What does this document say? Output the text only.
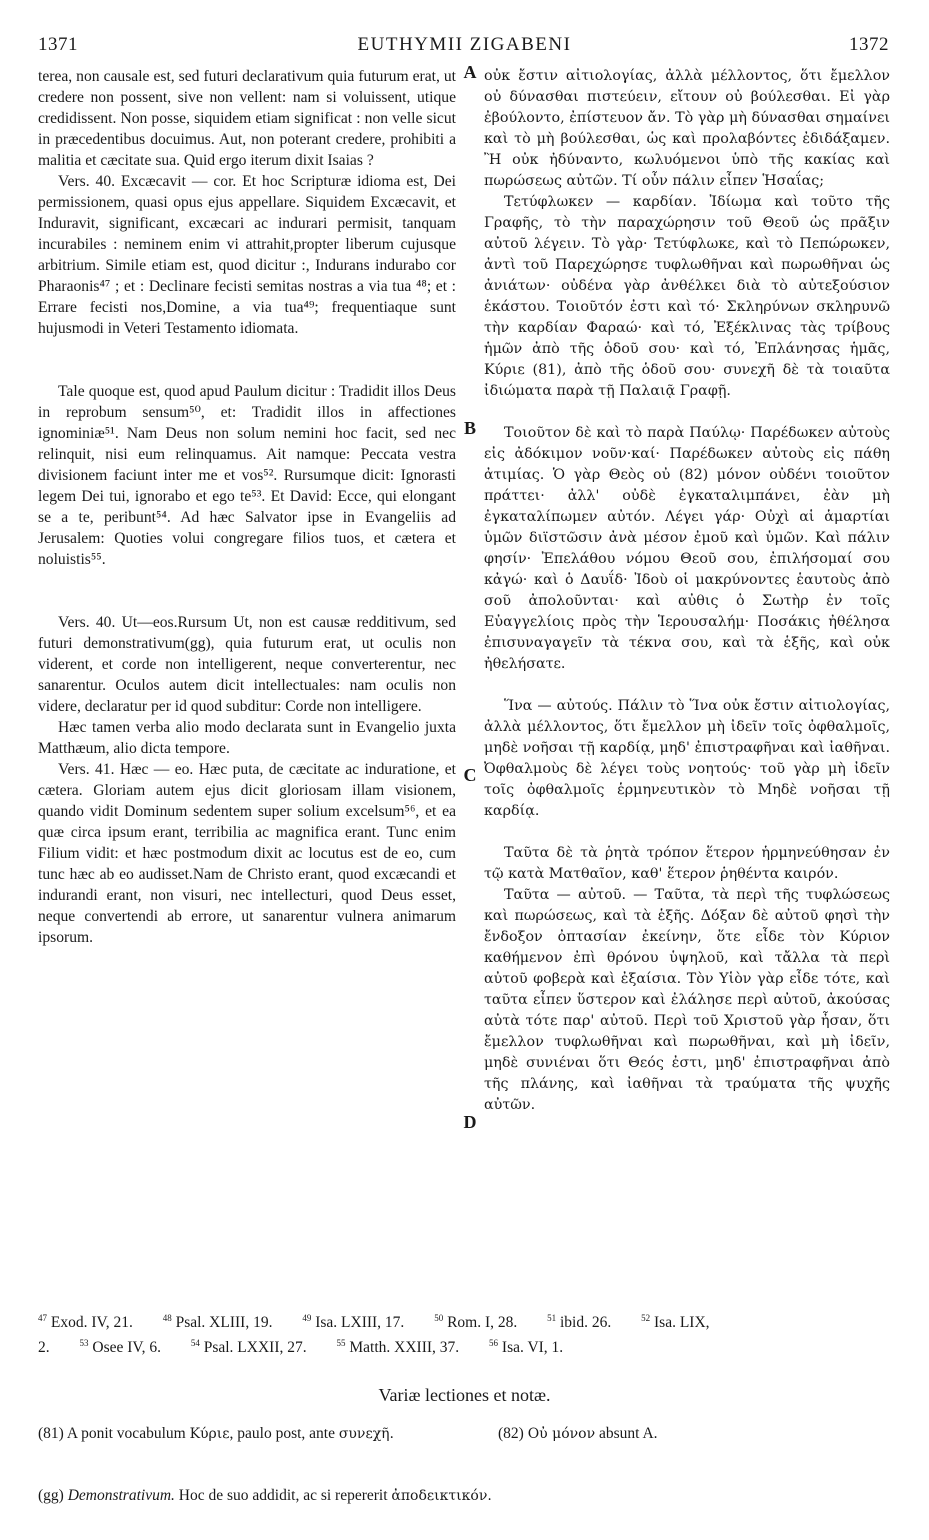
1371	EUTHYMII ZIGABENI	1372
A
B
C
D

terea, non causale est, sed futuri declarativum quia futurum erat, ut credere non possent, sive non vellent: nam si voluissent, utique credidissent. Non posse, siquidem etiam significat : non velle sicut in præcedentibus docuimus. Aut, non poterant credere, prohibiti a malitia et cæcitate sua. Quid ergo iterum dixit Isaias ?

Vers. 40. Excæcavit — cor. Et hoc Scripturæ idioma est, Dei permissionem, quasi opus ejus appellare. Siquidem Excæcavit, et Induravit, significant, excæcari ac indurari permisit, tanquam incurabiles : neminem enim vi attrahit,propter liberum cujusque arbitrium. Simile etiam est, quod dicitur :, Indurans indurabo cor Pharaonis⁴⁷ ; et : Declinare fecisti semitas nostras a via tua ⁴⁸; et : Errare fecisti nos,Domine, a via tua⁴⁹; frequentiaque sunt hujusmodi in Veteri Testamento idiomata.

Tale quoque est, quod apud Paulum dicitur : Tradidit illos Deus in reprobum sensum⁵⁰, et: Tradidit illos in affectiones ignominiæ⁵¹. Nam Deus non solum nemini hoc facit, sed nec relinquit, nisi eum relinquamus. Ait namque: Peccata vestra divisionem faciunt inter me et vos⁵². Rursumque dicit: Ignorasti legem Dei tui, ignorabo et ego te⁵³. Et David: Ecce, qui elongant se a te, peribunt⁵⁴. Ad hæc Salvator ipse in Evangeliis ad Jerusalem: Quoties volui congregare filios tuos, et cætera et noluistis⁵⁵.

Vers. 40. Ut—eos.Rursum Ut, non est causæ redditivum, sed futuri demonstrativum(gg), quia futurum erat, ut oculis non viderent, et corde non intelligerent, neque converterentur, nec sanarentur. Oculos autem dicit intellectuales: nam oculis non videre, declaratur per id quod subditur: Corde non intelligere.

Hæc tamen verba alio modo declarata sunt in Evangelio juxta Matthæum, alio dicta tempore.

Vers. 41. Hæc — eo. Hæc puta, de cæcitate ac induratione, et cætera. Gloriam autem ejus dicit gloriosam illam visionem, quando vidit Dominum sedentem super solium excelsum⁵⁶, et ea quæ circa ipsum erant, terribilia ac magnifica erant. Tunc enim Filium vidit: et hæc postmodum dixit ac locutus est de eo, cum tunc hæc ab eo audisset.Nam de Christo erant, quod excæcandi et indurandi erant, non visuri, nec intellecturi, quod Deus esset, neque convertendi ab errore, ut sanarentur vulnera animarum ipsorum.

οὐκ ἔστιν αἰτιολογίας, ἀλλὰ μέλλοντος, ὅτι ἔμελλον οὐ δύνασθαι πιστεύειν, εἴτουν οὐ βούλεσθαι. Εἰ γὰρ ἐβούλοντο, ἐπίστευον ἄν. Τὸ γὰρ μὴ δύνασθαι σημαίνει καὶ τὸ μὴ βούλεσθαι, ὡς καὶ προλαβόντες ἐδιδάξαμεν. Ἢ οὐκ ἠδύναντο, κωλυόμενοι ὑπὸ τῆς κακίας καὶ πωρώσεως αὐτῶν. Τί οὖν πάλιν εἶπεν Ἡσαΐας;

Τετύφλωκεν — καρδίαν. Ἰδίωμα καὶ τοῦτο τῆς Γραφῆς, τὸ τὴν παραχώρησιν τοῦ Θεοῦ ὡς πρᾶξιν αὐτοῦ λέγειν. Τὸ γὰρ· Τετύφλωκε, καὶ τὸ Πεπώρωκεν, ἀντὶ τοῦ Παρεχώρησε τυφλωθῆναι καὶ πωρωθῆναι ὡς ἀνιάτων· οὐδένα γὰρ ἀνθέλκει διὰ τὸ αὐτεξούσιον ἑκάστου. Τοιοῦτόν ἐστι καὶ τό· Σκληρύνων σκληρυνῶ τὴν καρδίαν Φαραώ· καὶ τό, Ἐξέκλινας τὰς τρίβους ἡμῶν ἀπὸ τῆς ὁδοῦ σου· καὶ τό, Ἐπλάνησας ἡμᾶς, Κύριε (81), ἀπὸ τῆς ὁδοῦ σου· συνεχῆ δὲ τὰ τοιαῦτα ἰδιώματα παρὰ τῇ Παλαιᾷ Γραφῇ.

Τοιοῦτον δὲ καὶ τὸ παρὰ Παύλῳ· Παρέδωκεν αὐτοὺς εἰς ἀδόκιμον νοῦν·καί· Παρέδωκεν αὐτοὺς εἰς πάθη ἀτιμίας. Ὁ γὰρ Θεὸς οὐ (82) μόνον οὐδένι τοιοῦτον πράττει· ἀλλ' οὐδὲ ἐγκαταλιμπάνει, ἐὰν μὴ ἐγκαταλίπωμεν αὐτόν. Λέγει γάρ· Οὐχὶ αἱ ἁμαρτίαι ὑμῶν διϊστῶσιν ἀνὰ μέσον ἐμοῦ καὶ ὑμῶν. Καὶ πάλιν φησίν· Ἐπελάθου νόμου Θεοῦ σου, ἐπιλήσομαί σου κἀγώ· καὶ ὁ Δαυΐδ· Ἰδοὺ οἱ μακρύνοντες ἑαυτοὺς ἀπὸ σοῦ ἀπολοῦνται· καὶ αὐθις ὁ Σωτὴρ ἐν τοῖς Εὐαγγελίοις πρὸς τὴν Ἱερουσαλήμ· Ποσάκις ἠθέλησα ἐπισυναγαγεῖν τὰ τέκνα σου, καὶ τὰ ἑξῆς, καὶ οὐκ ἠθελήσατε.

Ἵνα — αὐτούς. Πάλιν τὸ Ἵνα οὐκ ἔστιν αἰτιολογίας, ἀλλὰ μέλλοντος, ὅτι ἔμελλον μὴ ἰδεῖν τοῖς ὀφθαλμοῖς, μηδὲ νοῆσαι τῇ καρδίᾳ, μηδ' ἐπιστραφῆναι καὶ ἰαθῆναι. Ὀφθαλμοὺς δὲ λέγει τοὺς νοητούς· τοῦ γὰρ μὴ ἰδεῖν τοῖς ὀφθαλμοῖς ἑρμηνευτικὸν τὸ Μηδὲ νοῆσαι τῇ καρδίᾳ.

Ταῦτα δὲ τὰ ῥητὰ τρόπον ἕτερον ἡρμηνεύθησαν ἐν τῷ κατὰ Ματθαῖον, καθ' ἕτερον ῥηθέντα καιρόν.

Ταῦτα — αὐτοῦ. — Ταῦτα, τὰ περὶ τῆς τυφλώσεως καὶ πωρώσεως, καὶ τὰ ἑξῆς. Δόξαν δὲ αὐτοῦ φησὶ τὴν ἔνδοξον ὀπτασίαν ἐκείνην, ὅτε εἶδε τὸν Κύριον καθήμενον ἐπὶ θρόνου ὑψηλοῦ, καὶ τἄλλα τὰ περὶ αὐτοῦ φοβερὰ καὶ ἐξαίσια. Τὸν Υἱὸν γὰρ εἶδε τότε, καὶ ταῦτα εἶπεν ὕστερον καὶ ἐλάλησε περὶ αὐτοῦ, ἀκούσας αὐτὰ τότε παρ' αὐτοῦ. Περὶ τοῦ Χριστοῦ γὰρ ἦσαν, ὅτι ἔμελλον τυφλωθῆναι καὶ πωρωθῆναι, καὶ μὴ ἰδεῖν, μηδὲ συνιέναι ὅτι Θεός ἐστι, μηδ' ἐπιστραφῆναι ἀπὸ τῆς πλάνης, καὶ ἰαθῆναι τὰ τραύματα τῆς ψυχῆς αὐτῶν.

$^{47}$ Exod. IV, 21.	$^{48}$ Psal. XLIII, 19.	$^{49}$ Isa. LXIII, 17.	$^{50}$ Rom. I, 28.	$^{51}$ ibid. 26.	$^{52}$ Isa. LIX,
2.	$^{53}$ Osee IV, 6.	$^{54}$ Psal. LXXII, 27.	$^{55}$ Matth. XXIII, 37.	$^{56}$ Isa. VI, 1.
Variæ lectiones et notæ.
(81) A ponit vocabulum Κύριε, paulo post, ante συνεχῆ.	(82) Οὐ μόνον absunt A.
(gg) Demonstrativum. Hoc de suo addidit, ac si repererit ἀποδεικτικόν.
